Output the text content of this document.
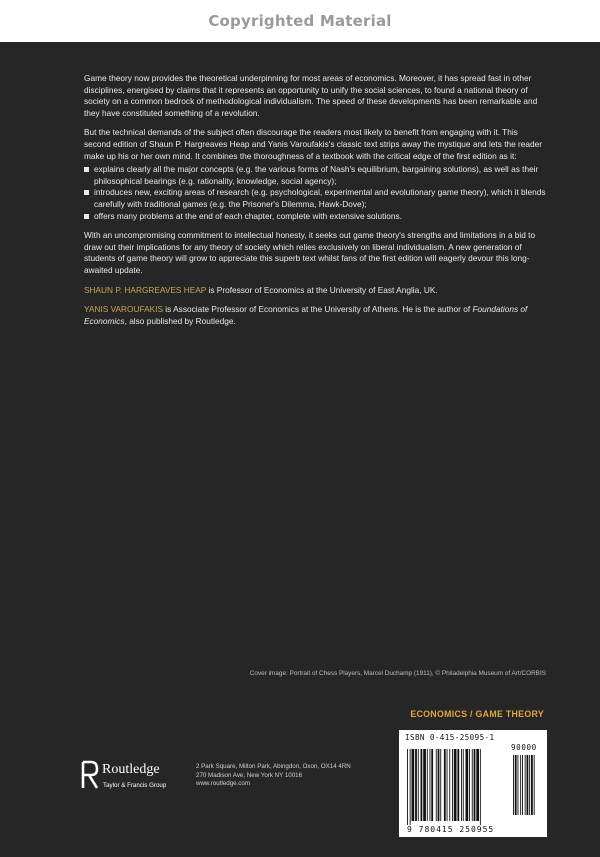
Copyrighted Material

Game theory now provides the theoretical underpinning for most areas of economics. Moreover, it has spread fast in other disciplines, energised by claims that it represents an opportunity to unify the social sciences, to found a national theory of society on a common bedrock of methodological individualism. The speed of these developments has been remarkable and they have constituted something of a revolution.

But the technical demands of the subject often discourage the readers most likely to benefit from engaging with it. This second edition of Shaun P. Hargreaves Heap and Yanis Varoufakis's classic text strips away the mystique and lets the reader make up his or her own mind. It combines the thoroughness of a textbook with the critical edge of the first edition as it:

explains clearly all the major concepts (e.g. the various forms of Nash's equilibrium, bargaining solutions), as well as their philosophical bearings (e.g. rationality, knowledge, social agency);
introduces new, exciting areas of research (e.g. psychological, experimental and evolutionary game theory), which it blends carefully with traditional games (e.g. the Prisoner's Dilemma, Hawk-Dove);
offers many problems at the end of each chapter, complete with extensive solutions.

With an uncompromising commitment to intellectual honesty, it seeks out game theory's strengths and limitations in a bid to draw out their implications for any theory of society which relies exclusively on liberal individualism. A new generation of students of game theory will grow to appreciate this superb text whilst fans of the first edition will eagerly devour this long-awaited update.

SHAUN P. HARGREAVES HEAP is Professor of Economics at the University of East Anglia, UK.

YANIS VAROUFAKIS is Associate Professor of Economics at the University of Athens. He is the author of Foundations of Economics, also published by Routledge.

Cover image: Portrait of Chess Players, Marcel Duchamp (1911), © Philadelphia Museum of Art/CORBIS
ECONOMICS / GAME THEORY
Routledge
Taylor & Francis Group
2 Park Square, Milton Park, Abingdon, Oxon, OX14 4RN
270 Madison Ave, New York NY 10016
www.routledge.com
ISBN 0-415-25095-1
90000
9 780415 250955
